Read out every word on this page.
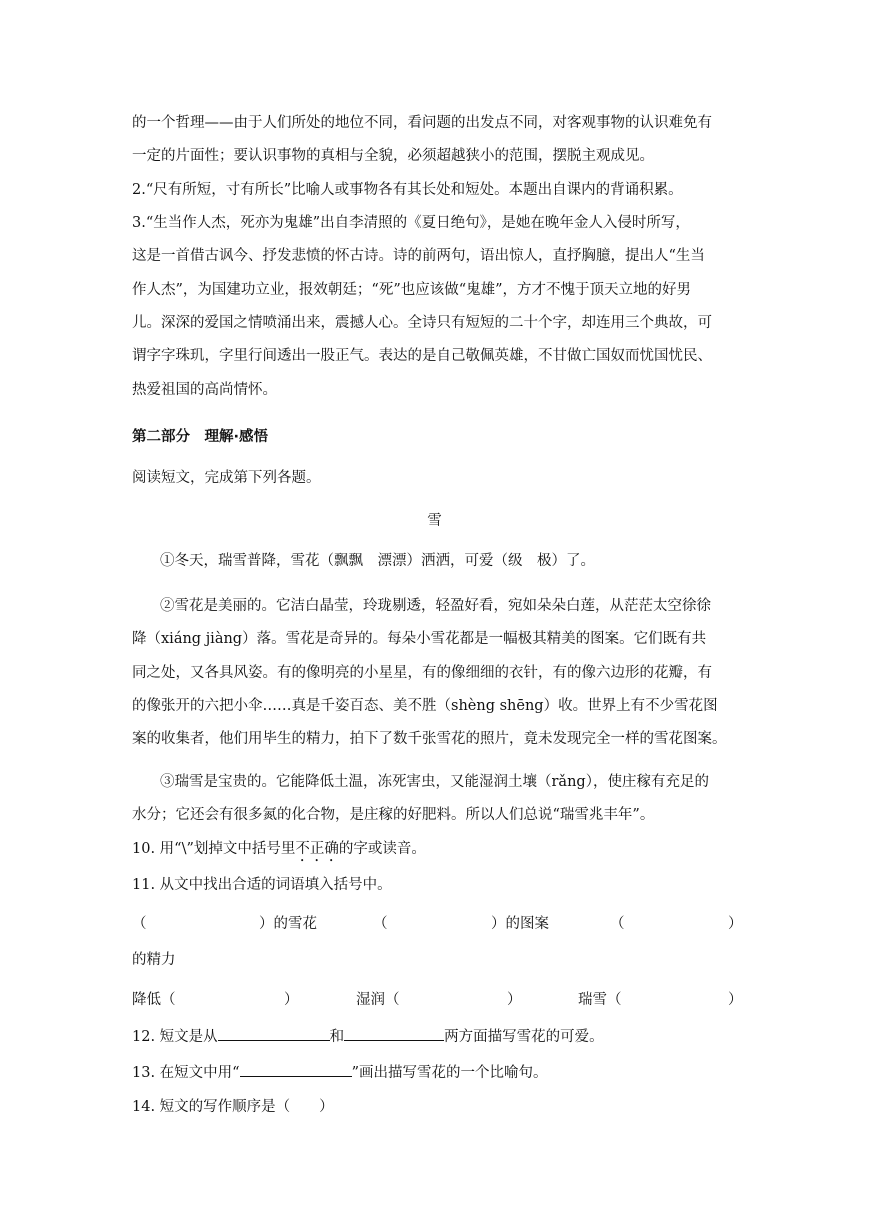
的一个哲理——由于人们所处的地位不同，看问题的出发点不同，对客观事物的认识难免有
一定的片面性；要认识事物的真相与全貌，必须超越狭小的范围，摆脱主观成见。
2.“尺有所短，寸有所长”比喻人或事物各有其长处和短处。本题出自课内的背诵积累。
3.“生当作人杰，死亦为鬼雄”出自李清照的《夏日绝句》，是她在晚年金人入侵时所写，
这是一首借古讽今、抒发悲愤的怀古诗。诗的前两句，语出惊人，直抒胸臆，提出人“生当
作人杰”，为国建功立业，报效朝廷；“死”也应该做“鬼雄”，方才不愧于顶天立地的好男
儿。深深的爱国之情喷涌出来，震撼人心。全诗只有短短的二十个字，却连用三个典故，可
谓字字珠玑，字里行间透出一股正气。表达的是自己敬佩英雄，不甘做亡国奴而忧国忧民、
热爱祖国的高尚情怀。
第二部分　理解·感悟
阅读短文，完成第下列各题。
雪
①冬天，瑞雪普降，雪花（飘飘　漂漂）洒洒，可爱（级　极）了。
②雪花是美丽的。它洁白晶莹，玲珑剔透，轻盈好看，宛如朵朵白莲，从茫茫太空徐徐
降（xiáng jiàng）落。雪花是奇异的。每朵小雪花都是一幅极其精美的图案。它们既有共
同之处，又各具风姿。有的像明亮的小星星，有的像细细的衣针，有的像六边形的花瓣，有
的像张开的六把小伞……真是千姿百态、美不胜（shèng shēng）收。世界上有不少雪花图
案的收集者，他们用毕生的精力，拍下了数千张雪花的照片，竟未发现完全一样的雪花图案。
③瑞雪是宝贵的。它能降低土温，冻死害虫，又能湿润土壤（rǎng），使庄稼有充足的
水分；它还会有很多氮的化合物，是庄稼的好肥料。所以人们总说“瑞雪兆丰年”。
10. 用“\”划掉文中括号里不正确的字或读音。
11. 从文中找出合适的词语填入括号中。
（	）的雪花	（	）的图案	（	）
的精力
降低（	）	湿润（	）	瑞雪（	）
12. 短文是从	和	两方面描写雪花的可爱。
13. 在短文中用“	”画出描写雪花的一个比喻句。
14. 短文的写作顺序是（　　）
